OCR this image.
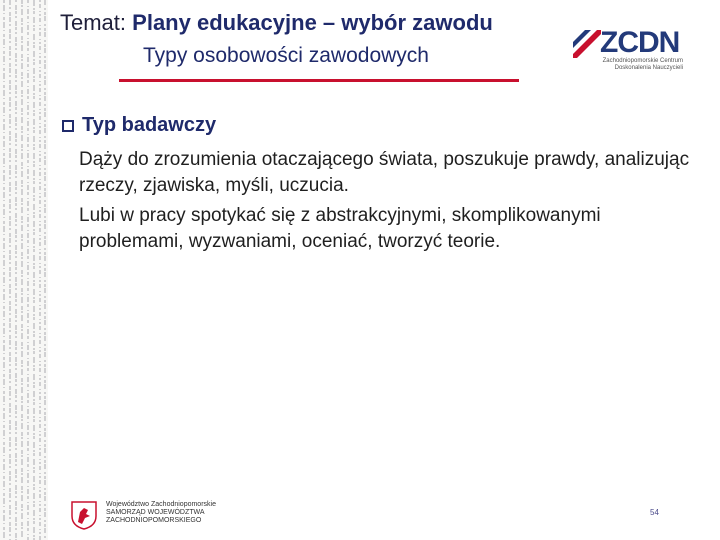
Temat: Plany edukacyjne – wybór zawodu
Typy osobowości zawodowych	ZCDN
Zachodniopomorskie Centrum Doskonalenia Nauczycieli
Typ badawczy

Dąży do zrozumienia otaczającego świata, poszukuje prawdy, analizując rzeczy, zjawiska, myśli, uczucia.

Lubi w pracy spotykać się z abstrakcyjnymi, skomplikowanymi problemami, wyzwaniami, oceniać, tworzyć teorie.

Województwo Zachodniopomorskie
SAMORZĄD WOJEWÓDZTWA
ZACHODNIOPOMORSKIEGO
54
